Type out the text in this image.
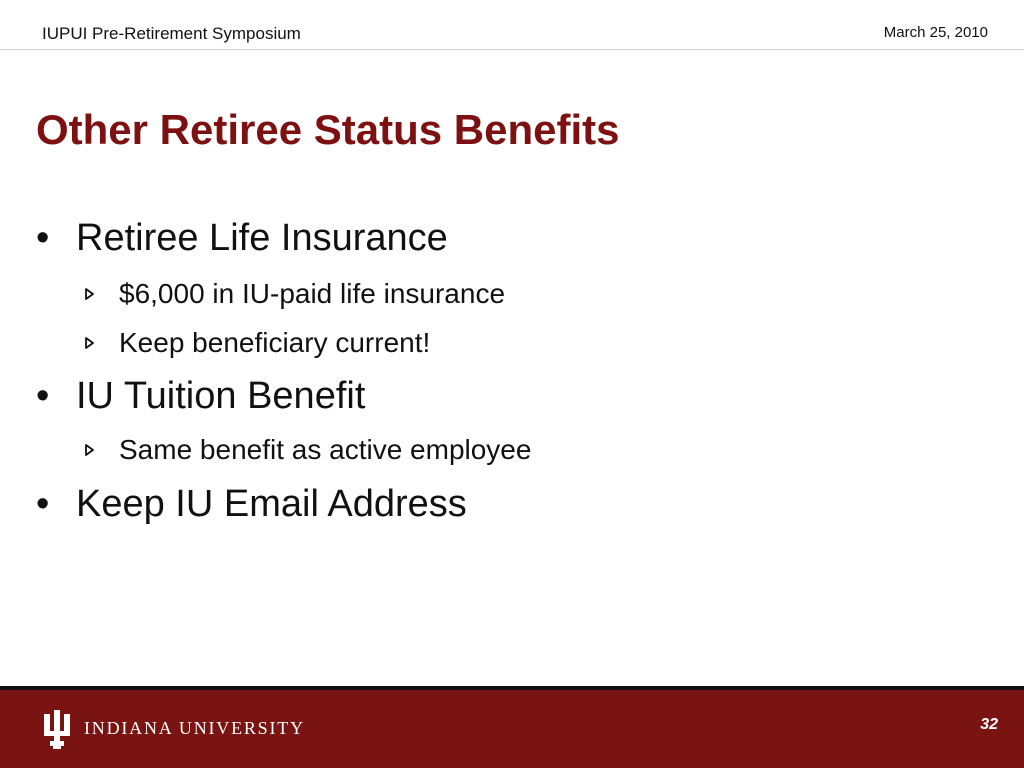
IUPUI Pre-Retirement Symposium	March 25, 2010
Other Retiree Status Benefits
• Retiree Life Insurance
$6,000 in IU-paid life insurance
Keep beneficiary current!
• IU Tuition Benefit
Same benefit as active employee
• Keep IU Email Address
INDIANA UNIVERSITY	32
